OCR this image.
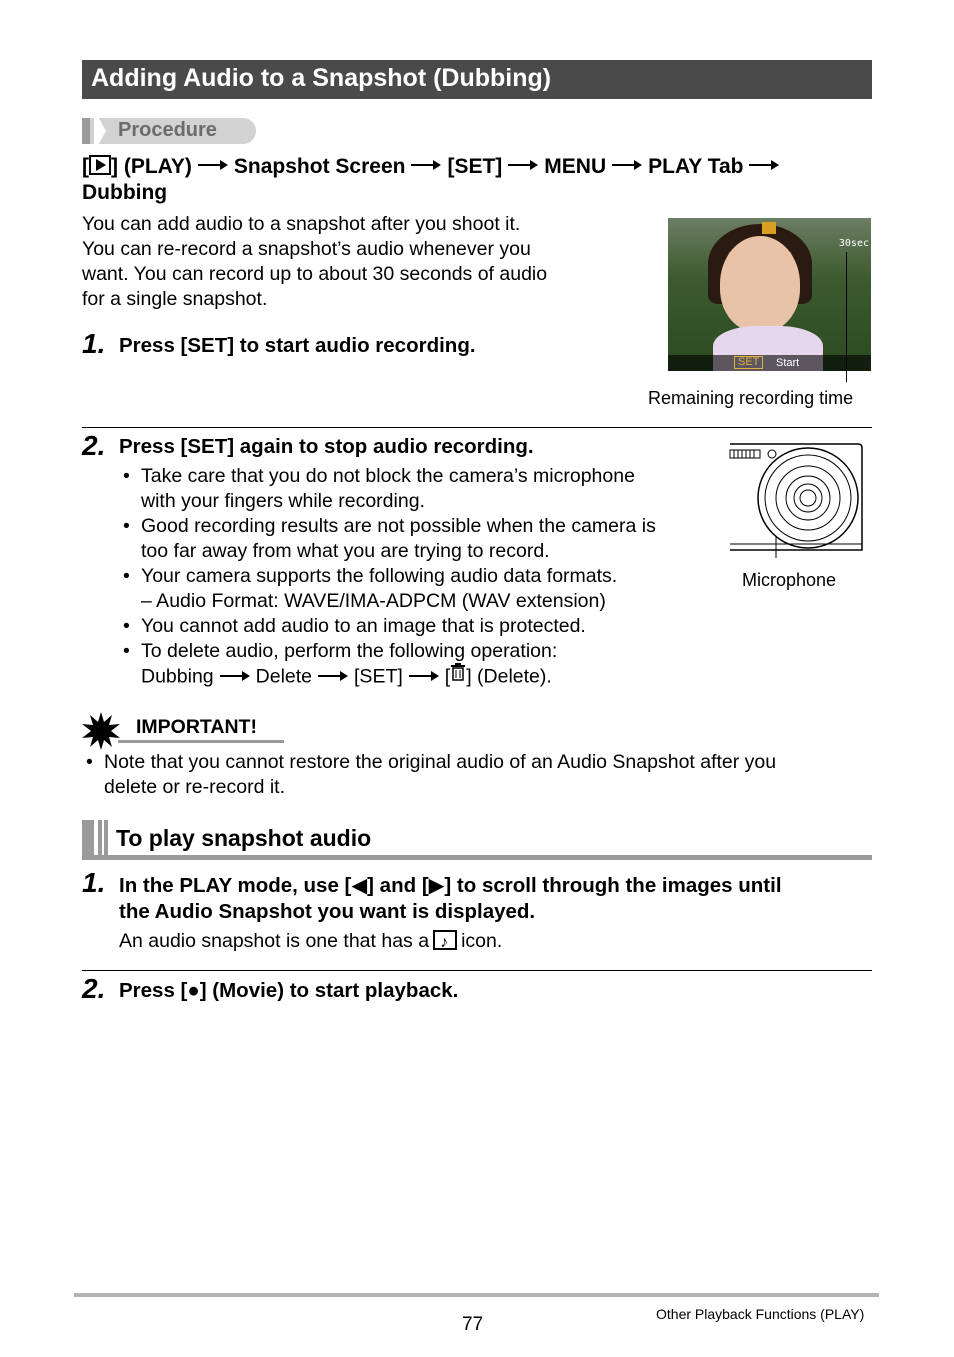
Adding Audio to a Snapshot (Dubbing)
Procedure
[ ] (PLAY) Snapshot Screen [SET] MENU PLAY Tab
Dubbing
You can add audio to a snapshot after you shoot it.
You can re-record a snapshot’s audio whenever you
want. You can record up to about 30 seconds of audio
for a single snapshot.
30sec
SET	Start
Remaining recording time
1. Press [SET] to start audio recording.
2. Press [SET] again to stop audio recording.
• Take care that you do not block the camera’s microphone
with your fingers while recording.
• Good recording results are not possible when the camera is
too far away from what you are trying to record.
• Your camera supports the following audio data formats.
– Audio Format: WAVE/IMA-ADPCM (WAV extension)
• You cannot add audio to an image that is protected.
• To delete audio, perform the following operation:
Dubbing Delete [SET] [ ] (Delete).
Microphone
IMPORTANT!
• Note that you cannot restore the original audio of an Audio Snapshot after you
delete or re-record it.
To play snapshot audio
1. In the PLAY mode, use [◀] and [▶] to scroll through the images until
the Audio Snapshot you want is displayed.
An audio snapshot is one that has a♪ icon.
2. Press [●] (Movie) to start playback.
77	Other Playback Functions (PLAY)
